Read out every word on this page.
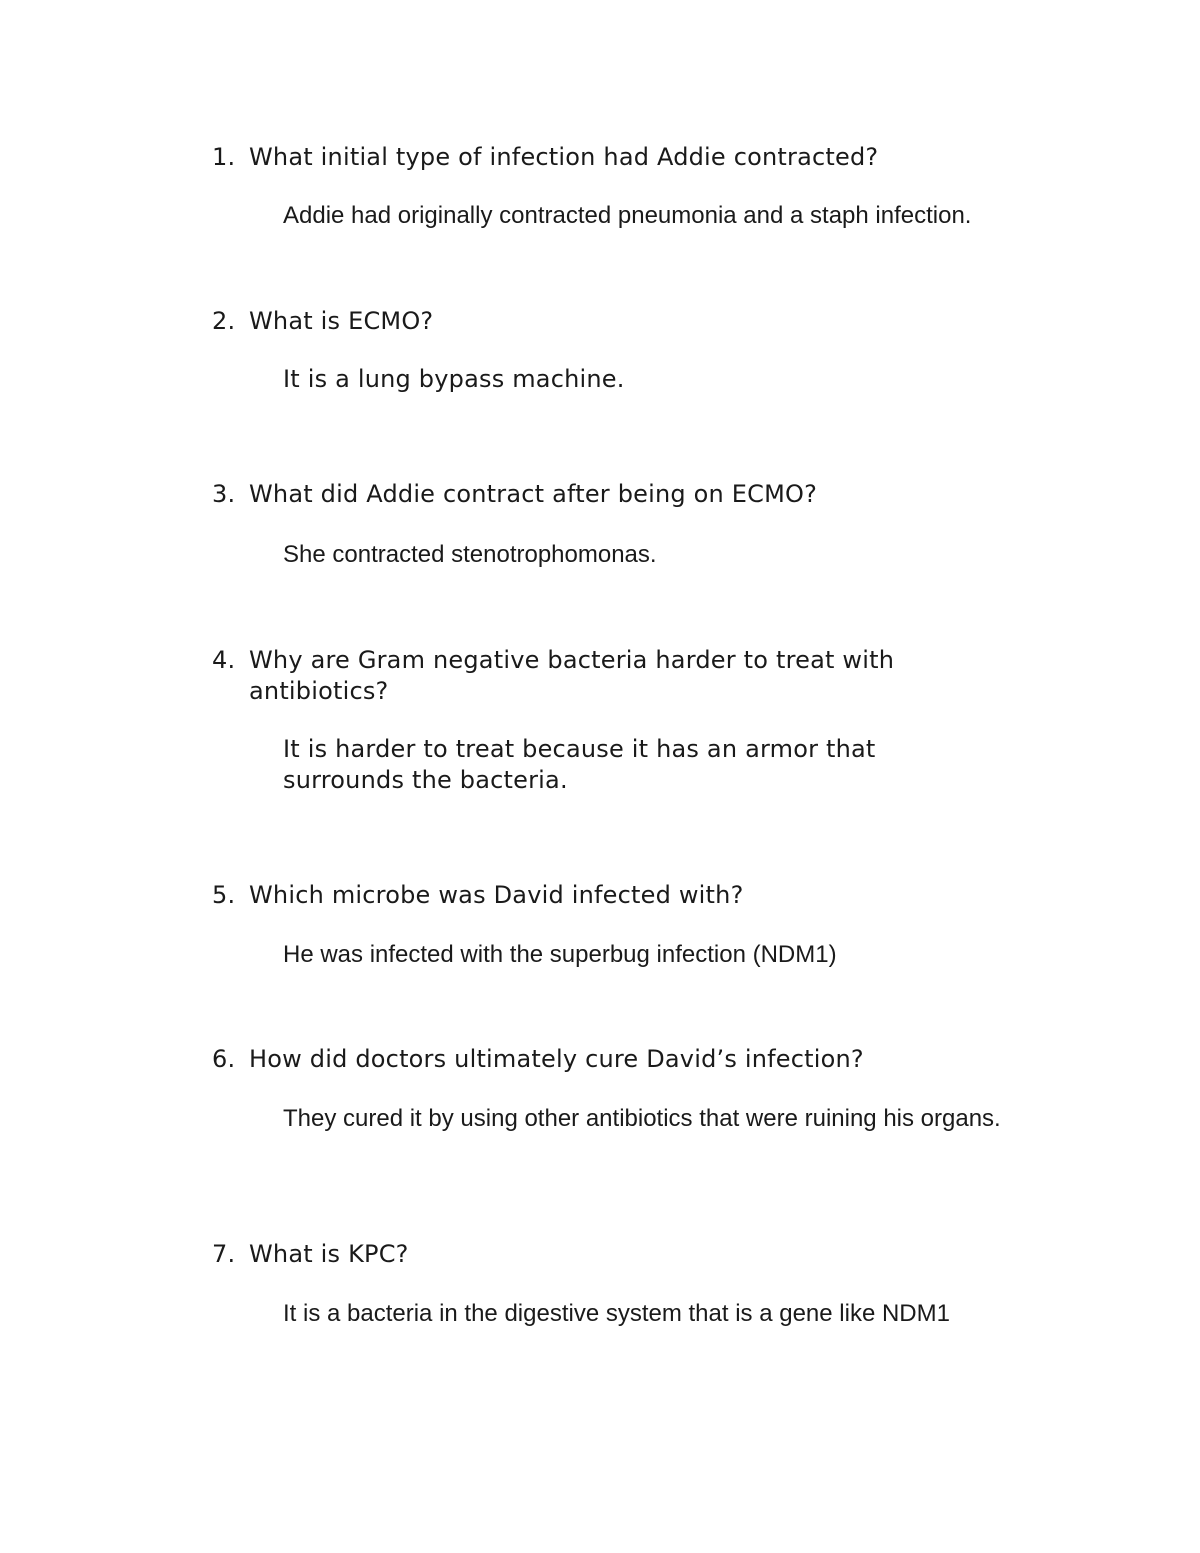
1. What initial type of infection had Addie contracted?
Addie had originally contracted pneumonia and a staph infection.
2. What is ECMO?
It is a lung bypass machine.
3. What did Addie contract after being on ECMO?
She contracted stenotrophomonas.
4. Why are Gram negative bacteria harder to treat with antibiotics?
It is harder to treat because it has an armor that surrounds the bacteria.
5. Which microbe was David infected with?
He was infected with the superbug infection (NDM1)
6. How did doctors ultimately cure David’s infection?
They cured it by using other antibiotics that were ruining his organs.
7. What is KPC?
It is a bacteria in the digestive system that is a gene like NDM1
